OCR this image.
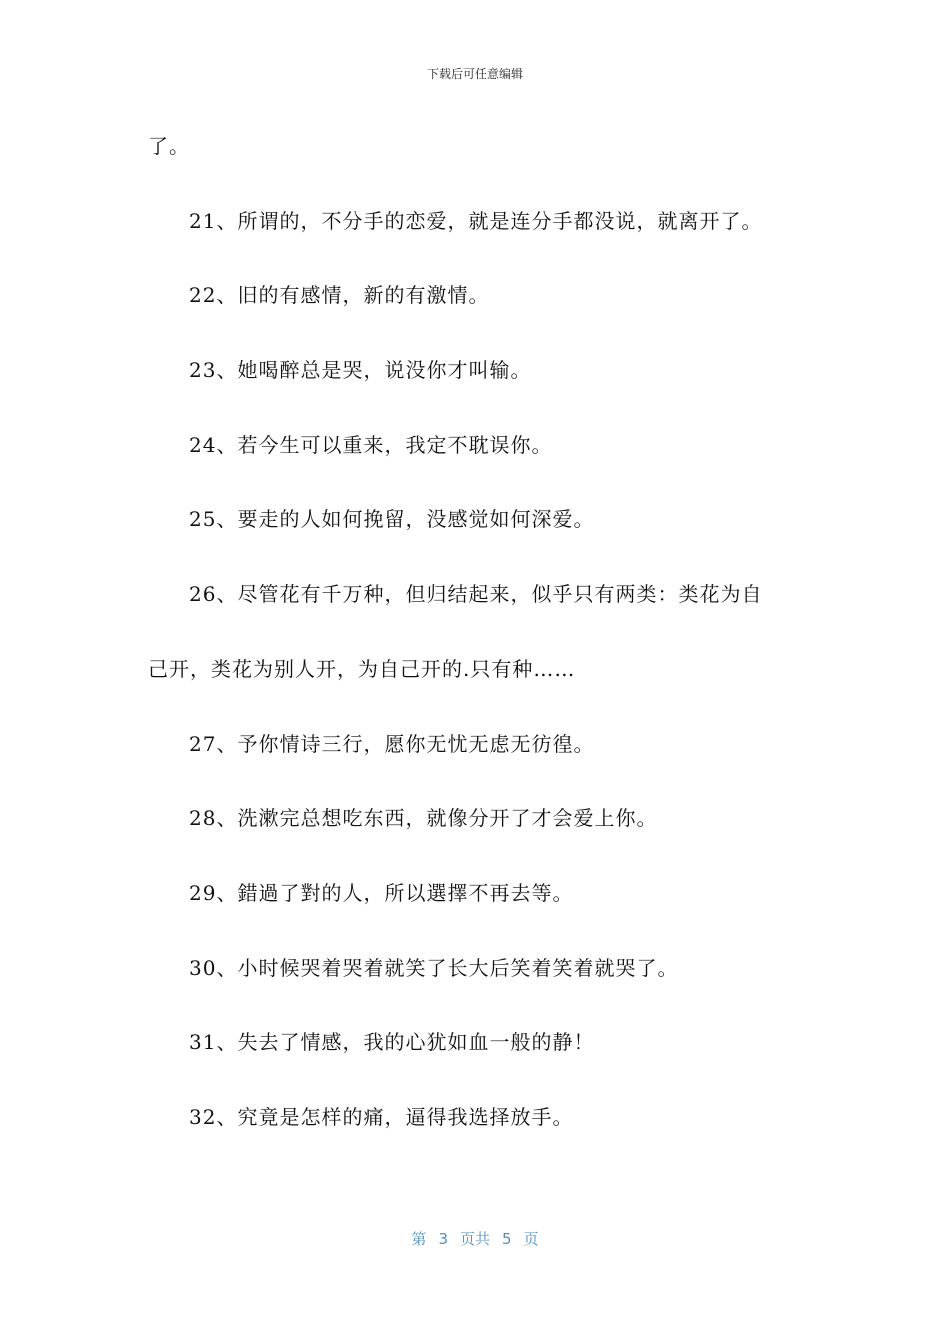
下载后可任意编辑
了。
21、所谓的，不分手的恋爱，就是连分手都没说，就离开了。
22、旧的有感情，新的有激情。
23、她喝醉总是哭，说没你才叫输。
24、若今生可以重来，我定不耽误你。
25、要走的人如何挽留，没感觉如何深爱。
26、尽管花有千万种，但归结起来，似乎只有两类：类花为自
己开，类花为别人开，为自己开的.只有种……
27、予你情诗三行，愿你无忧无虑无彷徨。
28、洗漱完总想吃东西，就像分开了才会爱上你。
29、錯過了對的人，所以選擇不再去等。
30、小时候哭着哭着就笑了长大后笑着笑着就哭了。
31、失去了情感，我的心犹如血一般的静！
32、究竟是怎样的痛，逼得我选择放手。
第 3 页共 5 页
